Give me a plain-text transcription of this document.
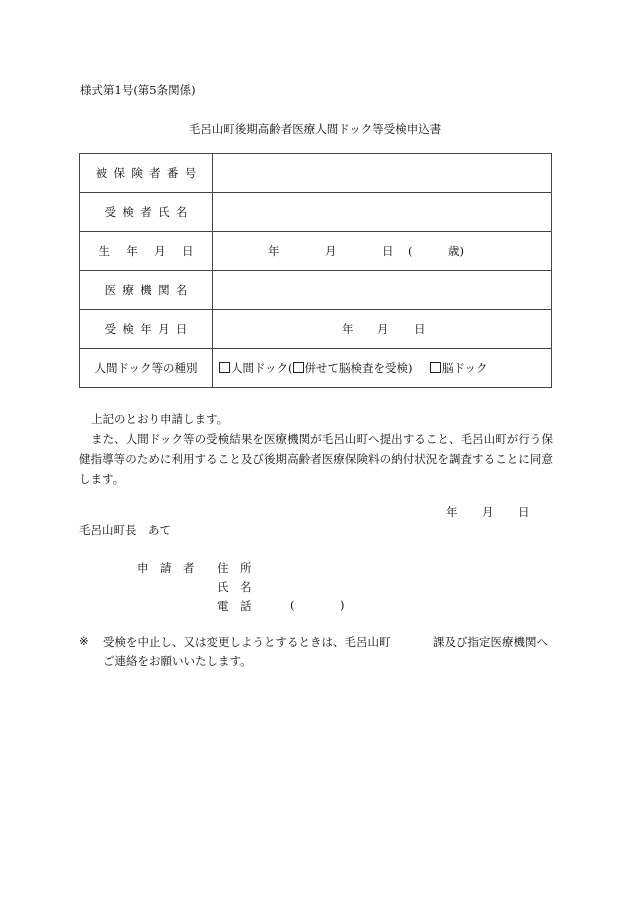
様式第1号(第5条関係)
毛呂山町後期高齢者医療人間ドック等受検申込書
被保険者番号	
受検者氏名	
生 年 月 日	年 月 日 ( 歳)

医療機関名	
受検年月日	年 月 日

人間ドック等の種別	人間ドック( 併せて脳検査を受検) 脳ドック
上記のとおり申請します。
また、人間ドック等の受検結果を医療機関が毛呂山町へ提出すること、毛呂山町が行う保健指導等のために利用すること及び後期高齢者医療保険料の納付状況を調査することに同意します。
年 月 日
毛呂山町長　あて
申　請　者 住　所
氏　名
電　話	(	)
※ 受検を中止し、又は変更しようとするときは、毛呂山町	課及び指定医療機関へ
ご連絡をお願いいたします。
